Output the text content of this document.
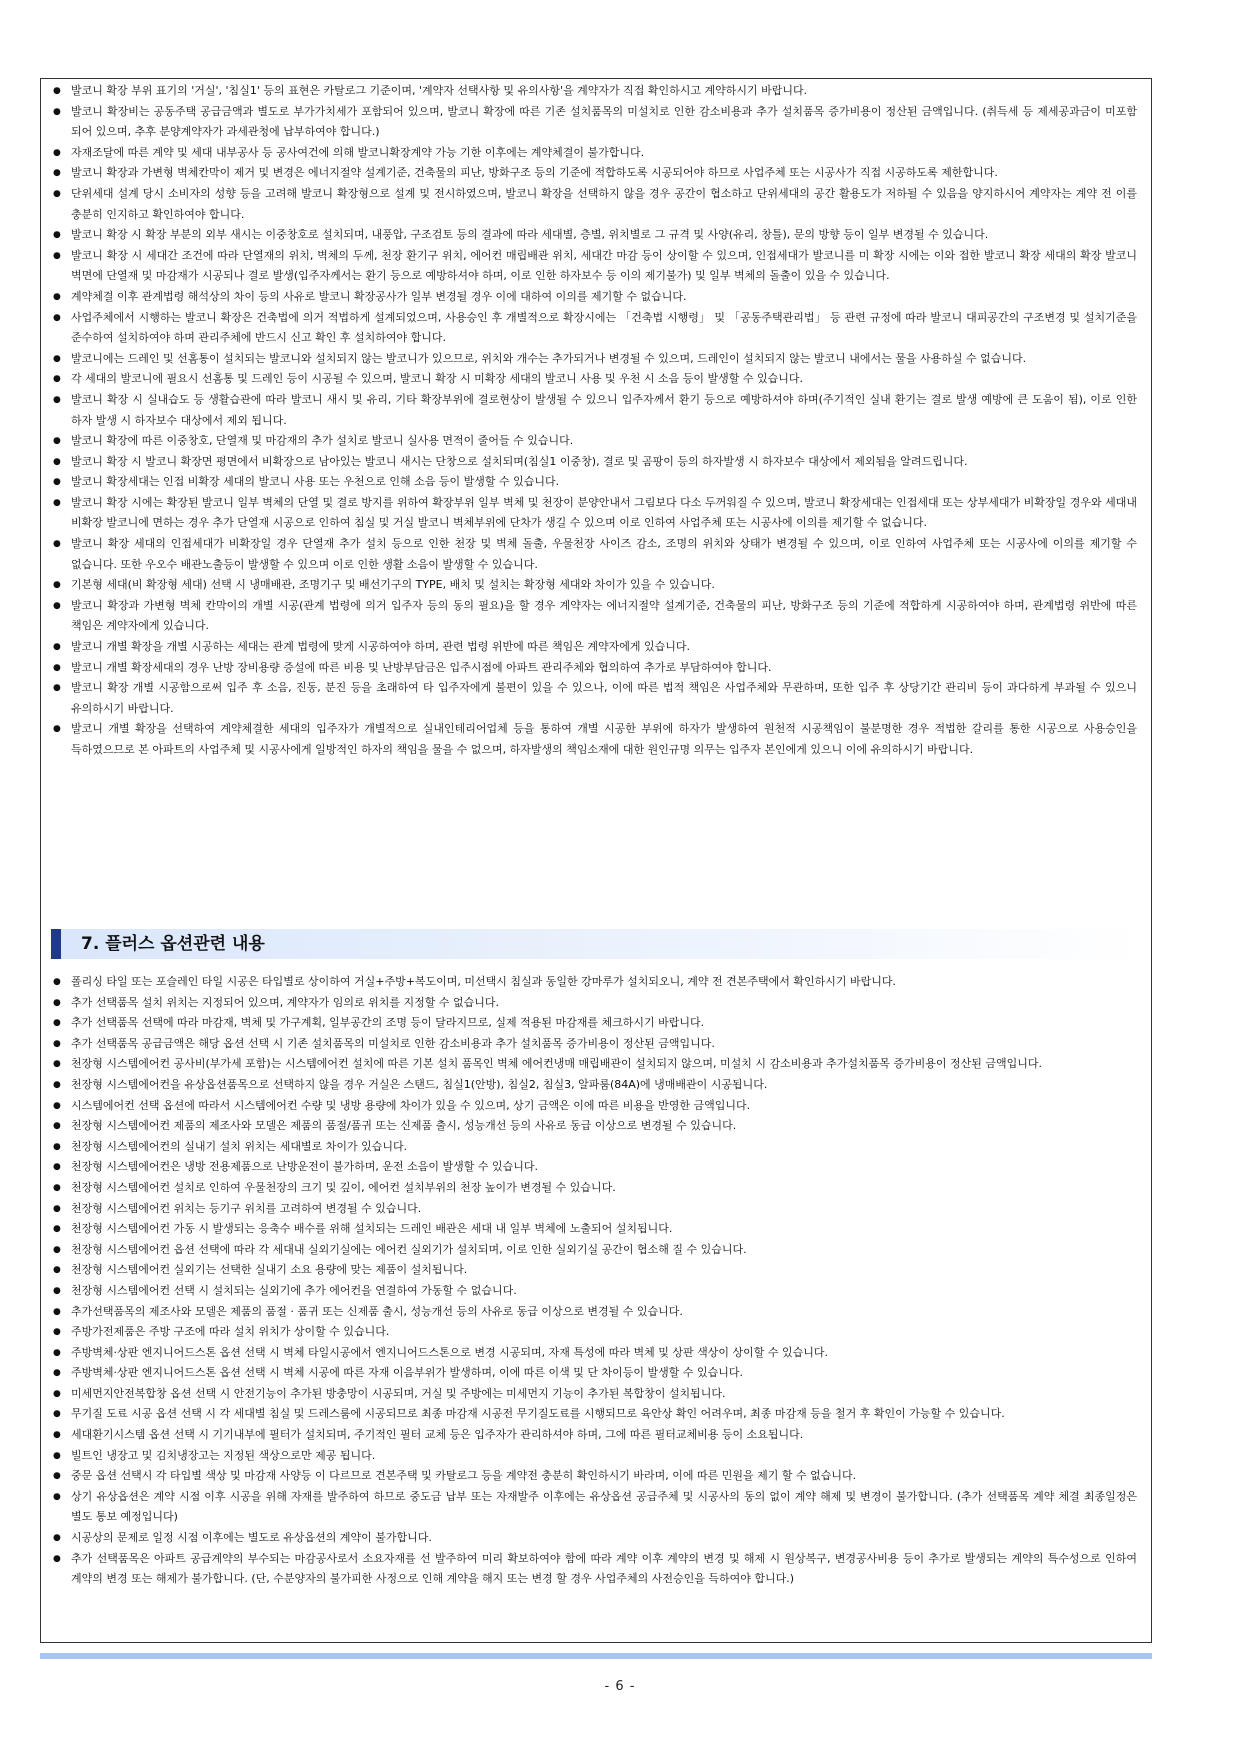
● 발코니 확장 부위 표기의 '거실', '침실1' 등의 표현은 카탈로그 기준이며, '계약자 선택사항 및 유의사항'을 계약자가 직접 확인하시고 계약하시기 바랍니다.
● 발코니 확장비는 공동주택 공급금액과 별도로 부가가치세가 포함되어 있으며, 발코니 확장에 따른 기존 설치품목의 미설치로 인한 감소비용과 추가 설치품목 증가비용이 정산된 금액입니다. (취득세 등 제세공과금이 미포함 되어 있으며, 추후 분양계약자가 과세관청에 납부하여야 합니다.)
● 자재조달에 따른 계약 및 세대 내부공사 등 공사여건에 의해 발코니확장계약 가능 기한 이후에는 계약체결이 불가합니다.
● 발코니 확장과 가변형 벽체칸막이 제거 및 변경은 에너지절약 설계기준, 건축물의 피난, 방화구조 등의 기준에 적합하도록 시공되어야 하므로 사업주체 또는 시공사가 직접 시공하도록 제한합니다.
● 단위세대 설계 당시 소비자의 성향 등을 고려해 발코니 확장형으로 설계 및 전시하였으며, 발코니 확장을 선택하지 않을 경우 공간이 협소하고 단위세대의 공간 활용도가 저하될 수 있음을 양지하시어 계약자는 계약 전 이를 충분히 인지하고 확인하여야 합니다.
● 발코니 확장 시 확장 부분의 외부 새시는 이중창호로 설치되며, 내풍압, 구조검토 등의 결과에 따라 세대별, 층별, 위치별로 그 규격 및 사양(유리, 창틀), 문의 방향 등이 일부 변경될 수 있습니다.
● 발코니 확장 시 세대간 조건에 따라 단열재의 위치, 벽체의 두께, 천장 환기구 위치, 에어컨 매립배관 위치, 세대간 마감 등이 상이할 수 있으며, 인접세대가 발코니를 미 확장 시에는 이와 접한 발코니 확장 세대의 확장 발코니 벽면에 단열재 및 마감재가 시공되나 결로 발생(입주자께서는 환기 등으로 예방하셔야 하며, 이로 인한 하자보수 등 이의 제기불가) 및 일부 벽체의 돌출이 있을 수 있습니다.
● 계약체결 이후 관계법령 해석상의 차이 등의 사유로 발코니 확장공사가 일부 변경될 경우 이에 대하여 이의를 제기할 수 없습니다.
● 사업주체에서 시행하는 발코니 확장은 건축법에 의거 적법하게 설계되었으며, 사용승인 후 개별적으로 확장시에는 「건축법 시행령」 및 「공동주택관리법」 등 관련 규정에 따라 발코니 대피공간의 구조변경 및 설치기준을 준수하여 설치하여야 하며 관리주체에 반드시 신고 확인 후 설치하여야 합니다.
● 발코니에는 드레인 및 선홈통이 설치되는 발코니와 설치되지 않는 발코니가 있으므로, 위치와 개수는 추가되거나 변경될 수 있으며, 드레인이 설치되지 않는 발코니 내에서는 물을 사용하실 수 없습니다.
● 각 세대의 발코니에 필요시 선홈통 및 드레인 등이 시공될 수 있으며, 발코니 확장 시 미확장 세대의 발코니 사용 및 우천 시 소음 등이 발생할 수 있습니다.
● 발코니 확장 시 실내습도 등 생활습관에 따라 발코니 새시 및 유리, 기타 확장부위에 결로현상이 발생될 수 있으니 입주자께서 환기 등으로 예방하셔야 하며(주기적인 실내 환기는 결로 발생 예방에 큰 도움이 됨), 이로 인한 하자 발생 시 하자보수 대상에서 제외 됩니다.
● 발코니 확장에 따른 이중창호, 단열재 및 마감재의 추가 설치로 발코니 실사용 면적이 줄어들 수 있습니다.
● 발코니 확장 시 발코니 확장면 평면에서 비확장으로 남아있는 발코니 새시는 단창으로 설치되며(침실1 이중창), 결로 및 곰팡이 등의 하자발생 시 하자보수 대상에서 제외됨을 알려드립니다.
● 발코니 확장세대는 인접 비확장 세대의 발코니 사용 또는 우천으로 인해 소음 등이 발생할 수 있습니다.
● 발코니 확장 시에는 확장된 발코니 일부 벽체의 단열 및 결로 방지를 위하여 확장부위 일부 벽체 및 천장이 분양안내서 그림보다 다소 두꺼워질 수 있으며, 발코니 확장세대는 인접세대 또는 상부세대가 비확장일 경우와 세대내 비확장 발코니에 면하는 경우 추가 단열재 시공으로 인하여 침실 및 거실 발코니 벽체부위에 단차가 생길 수 있으며 이로 인하여 사업주체 또는 시공사에 이의를 제기할 수 없습니다.
● 발코니 확장 세대의 인접세대가 비확장일 경우 단열재 추가 설치 등으로 인한 천장 및 벽체 돌출, 우물천장 사이즈 감소, 조명의 위치와 상태가 변경될 수 있으며, 이로 인하여 사업주체 또는 시공사에 이의를 제기할 수 없습니다. 또한 우오수 배관노출등이 발생할 수 있으며 이로 인한 생활 소음이 발생할 수 있습니다.
● 기본형 세대(비 확장형 세대) 선택 시 냉매배관, 조명기구 및 배선기구의 TYPE, 배치 및 설치는 확장형 세대와 차이가 있을 수 있습니다.
● 발코니 확장과 가변형 벽체 칸막이의 개별 시공(관계 법령에 의거 입주자 등의 동의 필요)을 할 경우 계약자는 에너지절약 설계기준, 건축물의 피난, 방화구조 등의 기준에 적합하게 시공하여야 하며, 관계법령 위반에 따른 책임은 계약자에게 있습니다.
● 발코니 개별 확장을 개별 시공하는 세대는 관계 법령에 맞게 시공하여야 하며, 관련 법령 위반에 따른 책임은 계약자에게 있습니다.
● 발코니 개별 확장세대의 경우 난방 장비용량 증설에 따른 비용 및 난방부담금은 입주시점에 아파트 관리주체와 협의하여 추가로 부담하여야 합니다.
● 발코니 확장 개별 시공함으로써 입주 후 소음, 진동, 분진 등을 초래하여 타 입주자에게 불편이 있을 수 있으나, 이에 따른 법적 책임은 사업주체와 무관하며, 또한 입주 후 상당기간 관리비 등이 과다하게 부과될 수 있으니 유의하시기 바랍니다.
● 발코니 개별 확장을 선택하여 계약체결한 세대의 입주자가 개별적으로 실내인테리어업체 등을 통하여 개별 시공한 부위에 하자가 발생하여 원천적 시공책임이 불분명한 경우 적법한 갈리를 통한 시공으로 사용승인을 득하였으므로 본 아파트의 사업주체 및 시공사에게 일방적인 하자의 책임을 물을 수 없으며, 하자발생의 책임소재에 대한 원인규명 의무는 입주자 본인에게 있으니 이에 유의하시기 바랍니다.
7. 플러스 옵션관련 내용
● 폴리싱 타일 또는 포슬레인 타일 시공은 타입별로 상이하여 거실+주방+복도이며, 미선택시 침실과 동일한 강마루가 설치되오니, 계약 전 견본주택에서 확인하시기 바랍니다.
● 추가 선택품목 설치 위치는 지정되어 있으며, 계약자가 임의로 위치를 지정할 수 없습니다.
● 추가 선택품목 선택에 따라 마감재, 벽체 및 가구계획, 일부공간의 조명 등이 달라지므로, 실제 적용된 마감재를 체크하시기 바랍니다.
● 추가 선택품목 공급금액은 해당 옵션 선택 시 기존 설치품목의 미설치로 인한 감소비용과 추가 설치품목 증가비용이 정산된 금액입니다.
● 천장형 시스템에어컨 공사비(부가세 포함)는 시스템에어컨 설치에 따른 기본 설치 품목인 벽체 에어컨냉매 매립배관이 설치되지 않으며, 미설치 시 감소비용과 추가설치품목 증가비용이 정산된 금액입니다.
● 천장형 시스템에어컨을 유상옵션품목으로 선택하지 않을 경우 거실은 스탠드, 침실1(안방), 침실2, 침실3, 알파룸(84A)에 냉매배관이 시공됩니다.
● 시스템에어컨 선택 옵션에 따라서 시스템에어컨 수량 및 냉방 용량에 차이가 있을 수 있으며, 상기 금액은 이에 따른 비용을 반영한 금액입니다.
● 천장형 시스템에어컨 제품의 제조사와 모델은 제품의 품절/품귀 또는 신제품 출시, 성능개선 등의 사유로 동급 이상으로 변경될 수 있습니다.
● 천장형 시스템에어컨의 실내기 설치 위치는 세대별로 차이가 있습니다.
● 천장형 시스템에어컨은 냉방 전용제품으로 난방운전이 불가하며, 운전 소음이 발생할 수 있습니다.
● 천장형 시스템에어컨 설치로 인하여 우물천장의 크기 및 깊이, 에어컨 설치부위의 천장 높이가 변경될 수 있습니다.
● 천장형 시스템에어컨 위치는 등기구 위치를 고려하여 변경될 수 있습니다.
● 천장형 시스템에어컨 가동 시 발생되는 응축수 배수를 위해 설치되는 드레인 배관은 세대 내 일부 벽체에 노출되어 설치됩니다.
● 천장형 시스템에어컨 옵션 선택에 따라 각 세대내 실외기실에는 에어컨 실외기가 설치되며, 이로 인한 실외기실 공간이 협소해 질 수 있습니다.
● 천장형 시스템에어컨 실외기는 선택한 실내기 소요 용량에 맞는 제품이 설치됩니다.
● 천장형 시스템에어컨 선택 시 설치되는 실외기에 추가 에어컨을 연결하여 가동할 수 없습니다.
● 추가선택품목의 제조사와 모델은 제품의 품절 · 품귀 또는 신제품 출시, 성능개선 등의 사유로 동급 이상으로 변경될 수 있습니다.
● 주방가전제품은 주방 구조에 따라 설치 위치가 상이할 수 있습니다.
● 주방벽체·상판 엔지니어드스톤 옵션 선택 시 벽체 타일시공에서 엔지니어드스톤으로 변경 시공되며, 자재 특성에 따라 벽체 및 상판 색상이 상이할 수 있습니다.
● 주방벽체·상판 엔지니어드스톤 옵션 선택 시 벽체 시공에 따른 자재 이음부위가 발생하며, 이에 따른 이색 및 단 차이등이 발생할 수 있습니다.
● 미세먼지안전복합창 옵션 선택 시 안전기능이 추가된 방충망이 시공되며, 거실 및 주방에는 미세먼지 기능이 추가된 복합창이 설치됩니다.
● 무기질 도료 시공 옵션 선택 시 각 세대별 침실 및 드레스룸에 시공되므로 최종 마감재 시공전 무기질도료를 시행되므로 육안상 확인 어려우며, 최종 마감재 등을 철거 후 확인이 가능할 수 있습니다.
● 세대환기시스템 옵션 선택 시 기기내부에 필터가 설치되며, 주기적인 필터 교체 등은 입주자가 관리하셔야 하며, 그에 따른 필터교체비용 등이 소요됩니다.
● 빌트인 냉장고 및 김치냉장고는 지정된 색상으로만 제공 됩니다.
● 중문 옵션 선택시 각 타입별 색상 및 마감재 사양등 이 다르므로 견본주택 및 카탈로그 등을 계약전 충분히 확인하시기 바라며, 이에 따른 민원을 제기 할 수 없습니다.
● 상기 유상옵션은 계약 시점 이후 시공을 위해 자재를 발주하여 하므로 중도금 납부 또는 자재발주 이후에는 유상옵션 공급주체 및 시공사의 동의 없이 계약 해제 및 변경이 불가합니다. (추가 선택품목 계약 체결 최종일정은 별도 통보 예정입니다)
● 시공상의 문제로 일정 시점 이후에는 별도로 유상옵션의 계약이 불가합니다.
● 추가 선택품목은 아파트 공급계약의 부수되는 마감공사로서 소요자재를 선 발주하여 미리 확보하여야 함에 따라 계약 이후 계약의 변경 및 해제 시 원상복구, 변경공사비용 등이 추가로 발생되는 계약의 특수성으로 인하여 계약의 변경 또는 해제가 불가합니다. (단, 수분양자의 불가피한 사정으로 인해 계약을 해지 또는 변경 할 경우 사업주체의 사전승인을 득하여야 합니다.)
- 6 -
